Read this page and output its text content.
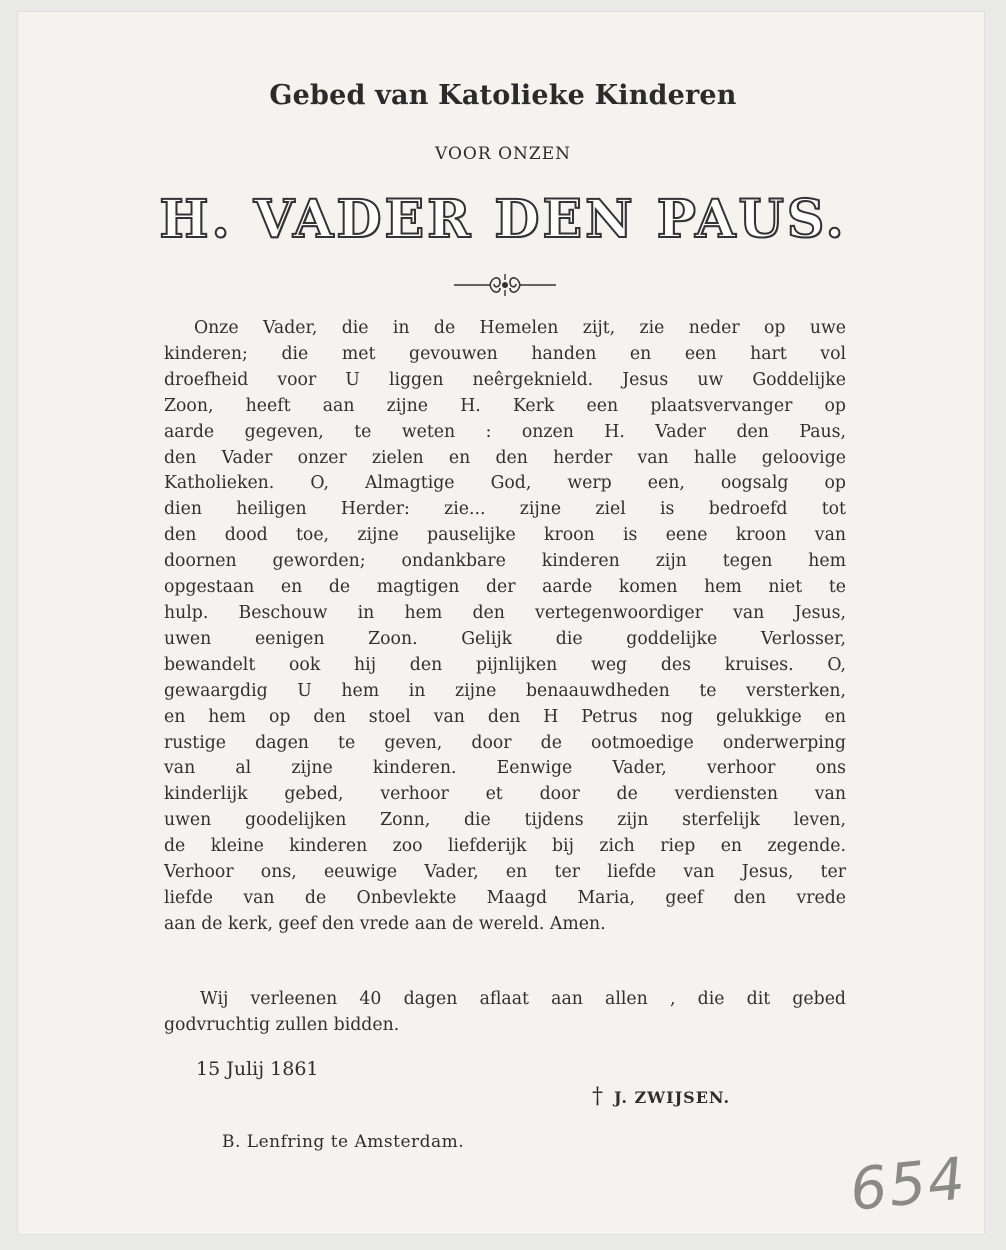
Gebed van Katolieke Kinderen

VOOR ONZEN

H. VADER DEN PAUS.
Onze Vader, die in de Hemelen zijt, zie neder op uwe
kinderen; die met gevouwen handen en een hart vol
droefheid voor U liggen neêrgeknield. Jesus uw Goddelijke
Zoon, heeft aan zijne H. Kerk een plaatsvervanger op
aarde gegeven, te weten : onzen H. Vader den Paus,
den Vader onzer zielen en den herder van halle geloovige
Katholieken. O, Almagtige God, werp een, oogsalg op
dien heiligen Herder: zie... zijne ziel is bedroefd tot
den dood toe, zijne pauselijke kroon is eene kroon van
doornen geworden; ondankbare kinderen zijn tegen hem
opgestaan en de magtigen der aarde komen hem niet te
hulp. Beschouw in hem den vertegenwoordiger van Jesus,
uwen eenigen Zoon. Gelijk die goddelijke Verlosser,
bewandelt ook hij den pijnlijken weg des kruises. O,
gewaargdig U hem in zijne benaauwdheden te versterken,
en hem op den stoel van den H Petrus nog gelukkige en
rustige dagen te geven, door de ootmoedige onderwerping
van al zijne kinderen. Eenwige Vader, verhoor ons
kinderlijk gebed, verhoor et door de verdiensten van
uwen goodelijken Zonn, die tijdens zijn sterfelijk leven,
de kleine kinderen zoo liefderijk bij zich riep en zegende.
Verhoor ons, eeuwige Vader, en ter liefde van Jesus, ter
liefde van de Onbevlekte Maagd Maria, geef den vrede
aan de kerk, geef den vrede aan de wereld. Amen.
Wij verleenen 40 dagen aflaat aan allen , die dit gebed
godvruchtig zullen bidden.

15 Julij 1861

† J. ZWIJSEN.

B. Lenfring te Amsterdam.

654
